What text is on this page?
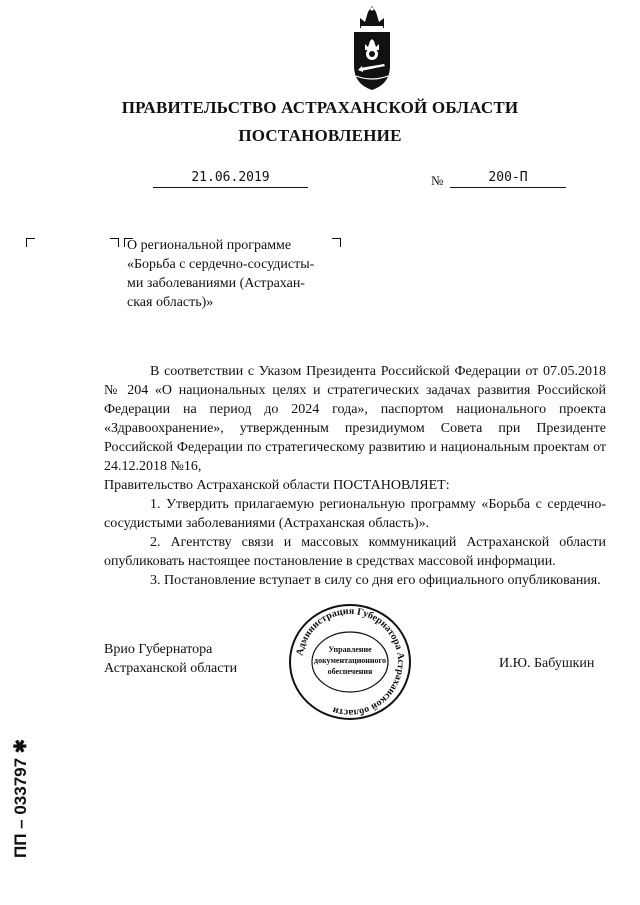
ПРАВИТЕЛЬСТВО АСТРАХАНСКОЙ ОБЛАСТИ
ПОСТАНОВЛЕНИЕ
21.06.2019	№	200-П
О региональной программе
«Борьба с сердечно-сосудисты-
ми заболеваниями (Астрахан-
ская область)»

В соответствии с Указом Президента Российской Федерации от 07.05.2018 № 204 «О национальных целях и стратегических задачах развития Российской Федерации на период до 2024 года», паспортом национального проекта «Здравоохранение», утвержденным президиумом Совета при Президенте Российской Федерации по стратегическому развитию и национальным проектам от 24.12.2018 №16,

Правительство Астраханской области ПОСТАНОВЛЯЕТ:

1. Утвердить прилагаемую региональную программу «Борьба с сердечно-сосудистыми заболеваниями (Астраханская область)».

2. Агентству связи и массовых коммуникаций Астраханской области опубликовать настоящее постановление в средствах массовой информации.

3. Постановление вступает в силу со дня его официального опубликования.

Врио Губернатора
Астраханской области	И.Ю. Бабушкин
Администрация Губернатора Астраханской области
Управление
документационного
обеспечения
ПП – 033797 ✱
